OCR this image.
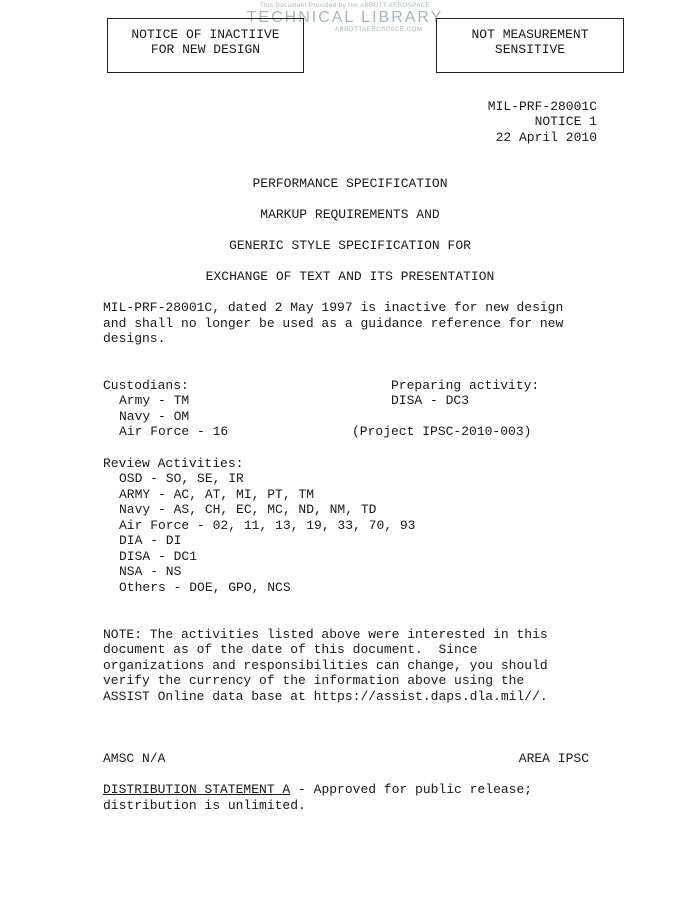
This Document Provided by the ABBOTT AEROSPACE
TECHNICAL LIBRARY
ABBOTTAEROSPACE.COM
NOTICE OF INACTIIVE
FOR NEW DESIGN
NOT MEASUREMENT
SENSITIVE
MIL-PRF-28001C
NOTICE 1
22 April 2010
PERFORMANCE SPECIFICATION
MARKUP REQUIREMENTS AND
GENERIC STYLE SPECIFICATION FOR
EXCHANGE OF TEXT AND ITS PRESENTATION
MIL-PRF-28001C, dated 2 May 1997 is inactive for new design
and shall no longer be used as a guidance reference for new
designs.
Custodians:
Army - TM
Navy - OM
Air Force - 16
Preparing activity:
DISA - DC3
(Project IPSC-2010-003)
Review Activities:
OSD - SO, SE, IR
ARMY - AC, AT, MI, PT, TM
Navy - AS, CH, EC, MC, ND, NM, TD
Air Force - 02, 11, 13, 19, 33, 70, 93
DIA - DI
DISA - DC1
NSA - NS
Others - DOE, GPO, NCS
NOTE: The activities listed above were interested in this
document as of the date of this document.  Since
organizations and responsibilities can change, you should
verify the currency of the information above using the
ASSIST Online data base at https://assist.daps.dla.mil//.
AMSC N/A	AREA IPSC
DISTRIBUTION STATEMENT A - Approved for public release;
distribution is unlimited.
